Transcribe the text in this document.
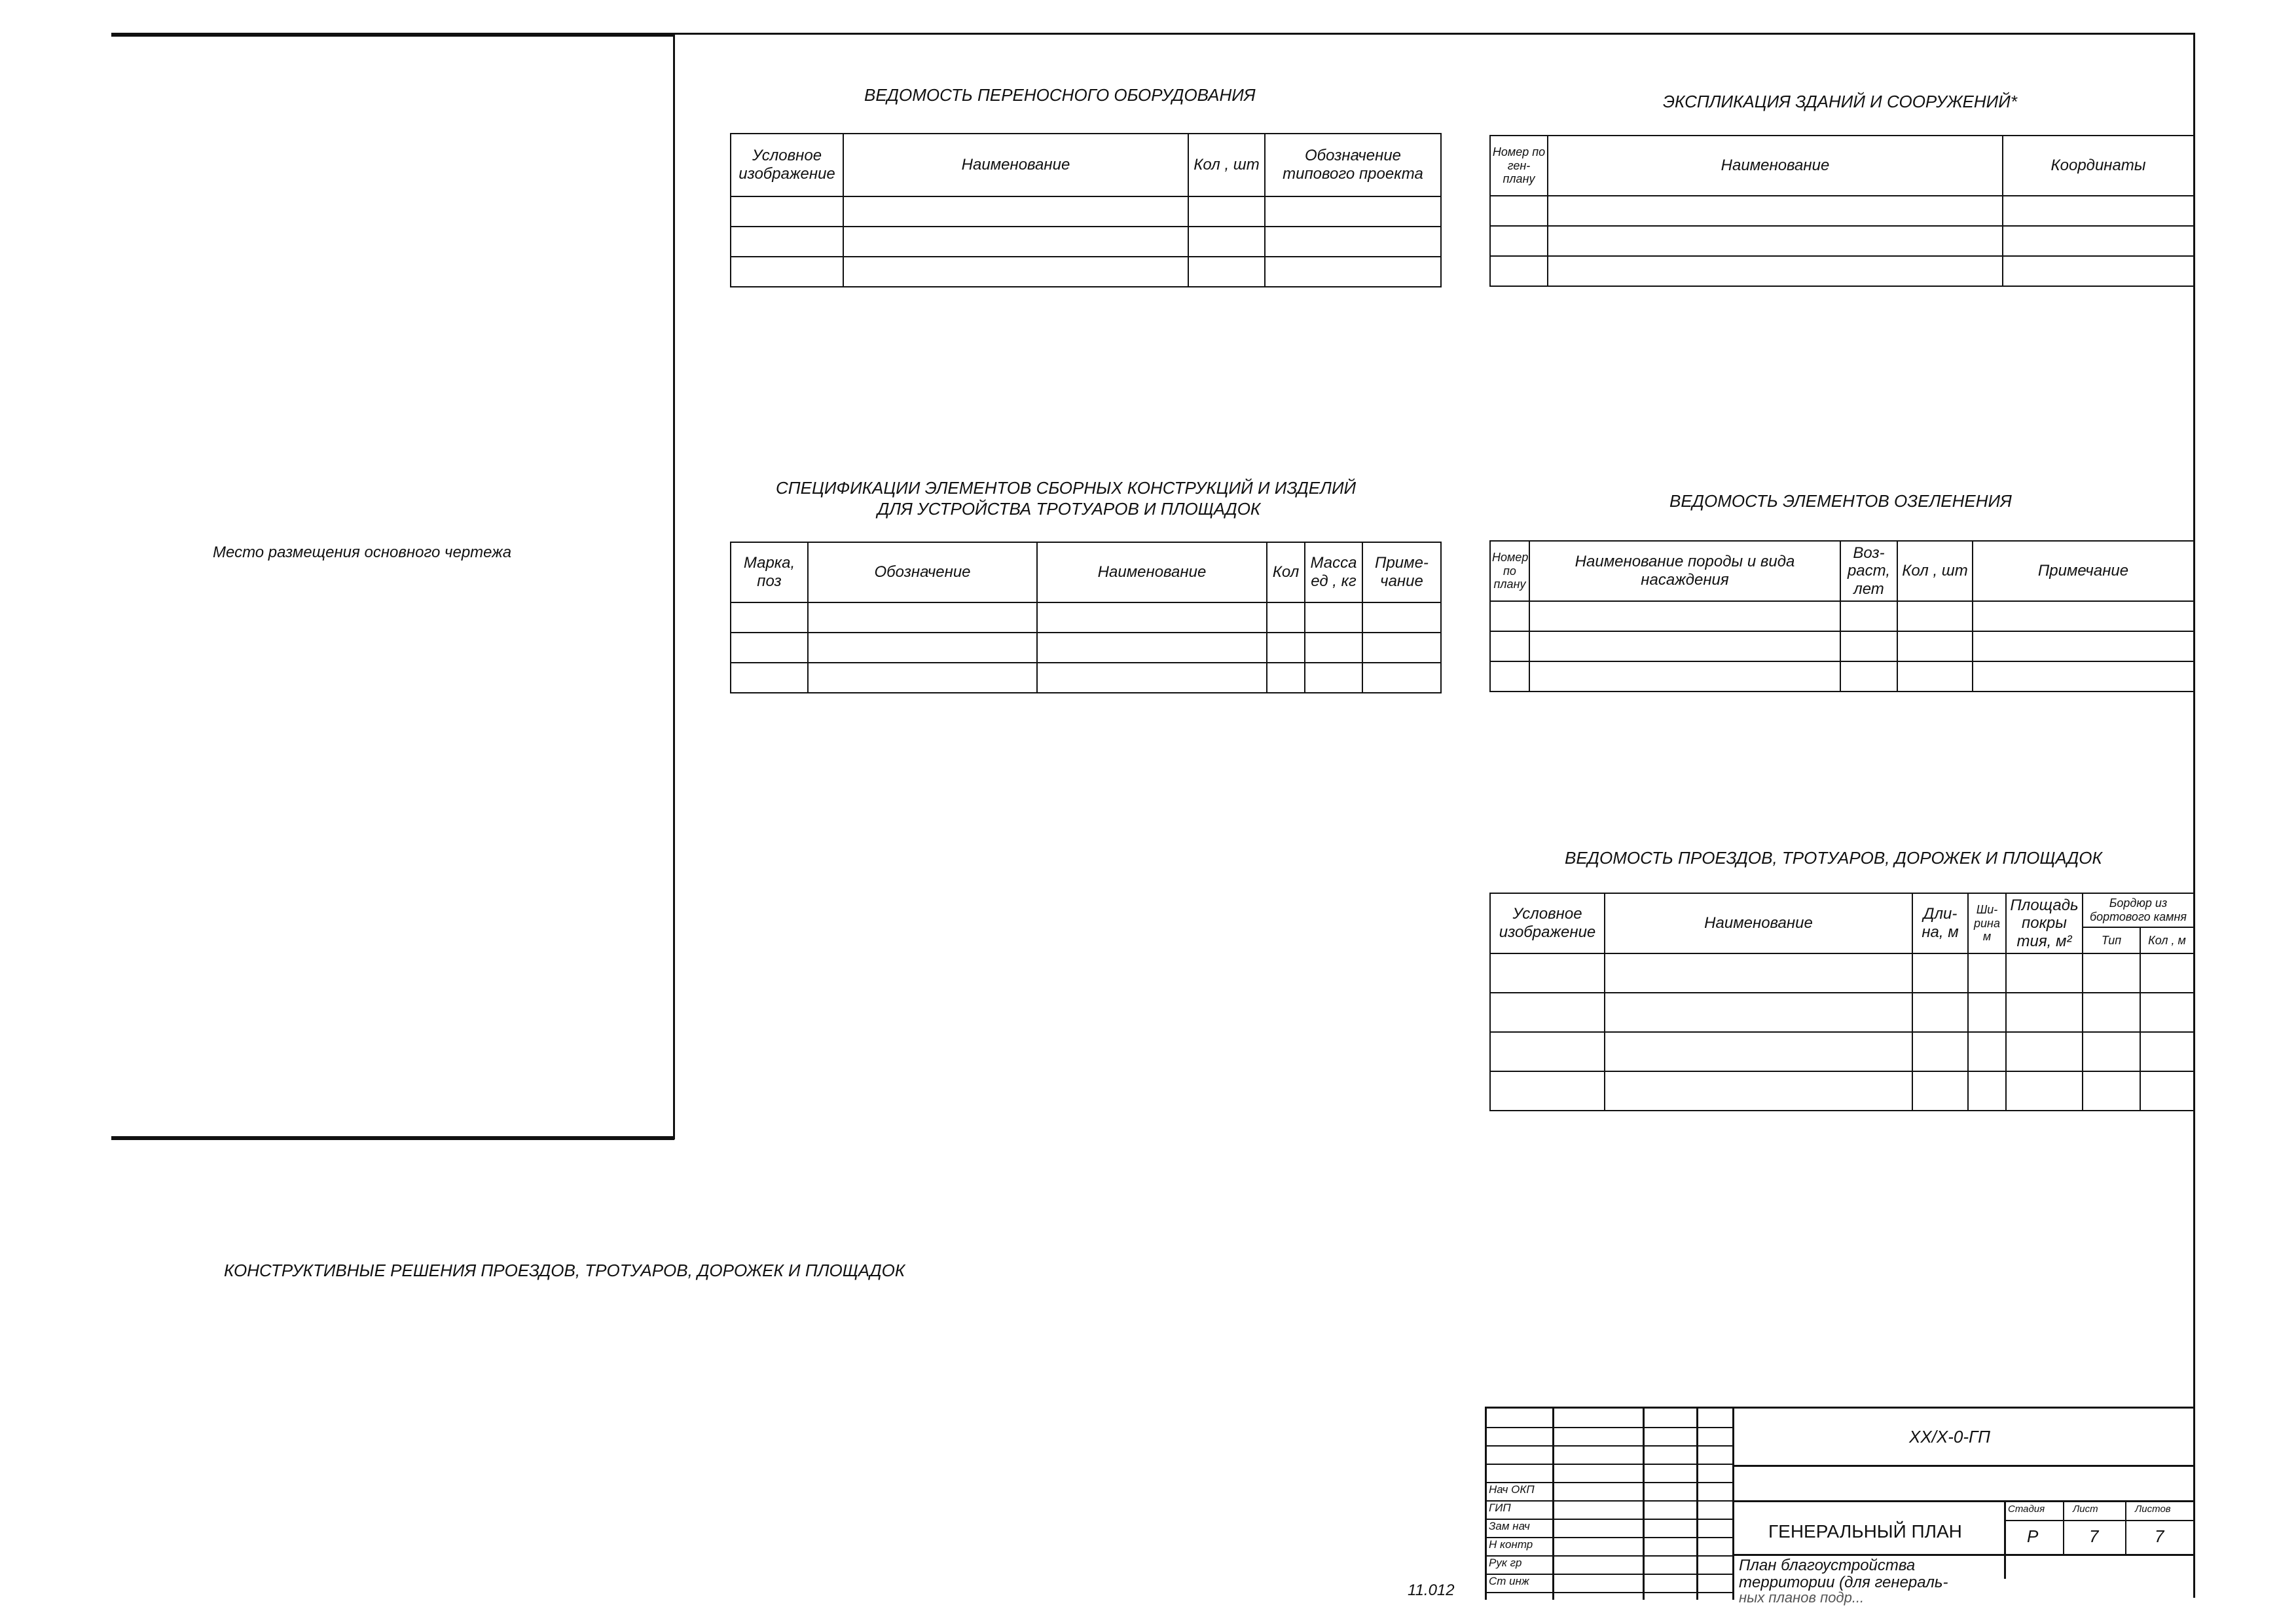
Место размещения основного чертежа
ВЕДОМОСТЬ ПЕРЕНОСНОГО ОБОРУДОВАНИЯ
Условное изображение	Наименование	Кол , шт	Обозначение типового проекта

ЭКСПЛИКАЦИЯ ЗДАНИЙ И СООРУЖЕНИЙ*
Номер по ген-плану	Наименование	Координаты

СПЕЦИФИКАЦИИ ЭЛЕМЕНТОВ СБОРНЫХ КОНСТРУКЦИЙ И ИЗДЕЛИЙ
ДЛЯ УСТРОЙСТВА ТРОТУАРОВ И ПЛОЩАДОК
Марка, поз	Обозначение	Наименование	Кол	Масса ед , кг	Приме-чание

ВЕДОМОСТЬ ЭЛЕМЕНТОВ ОЗЕЛЕНЕНИЯ
Номер по плану	Наименование породы и вида насаждения	Воз-раст, лет	Кол , шт	Примечание

ВЕДОМОСТЬ ПРОЕЗДОВ, ТРОТУАРОВ, ДОРОЖЕК И ПЛОЩАДОК
Условное изображение	Наименование	Дли-на, м	Ши-рина м	Площадь покры тия, м²	Бордюр из бортового камня	
					Тип	Кол , м

КОНСТРУКТИВНЫЕ РЕШЕНИЯ ПРОЕЗДОВ, ТРОТУАРОВ, ДОРОЖЕК И ПЛОЩАДОК
Нач ОКП
ГИП
Зам нач
Н контр
Рук гр
Ст инж
XX/X-0-ГП
ГЕНЕРАЛЬНЫЙ ПЛАН
Стадия	Лист	Листов
Р	7	7
План благоустройства
территории (для генераль-
ных планов подр...
11.012
